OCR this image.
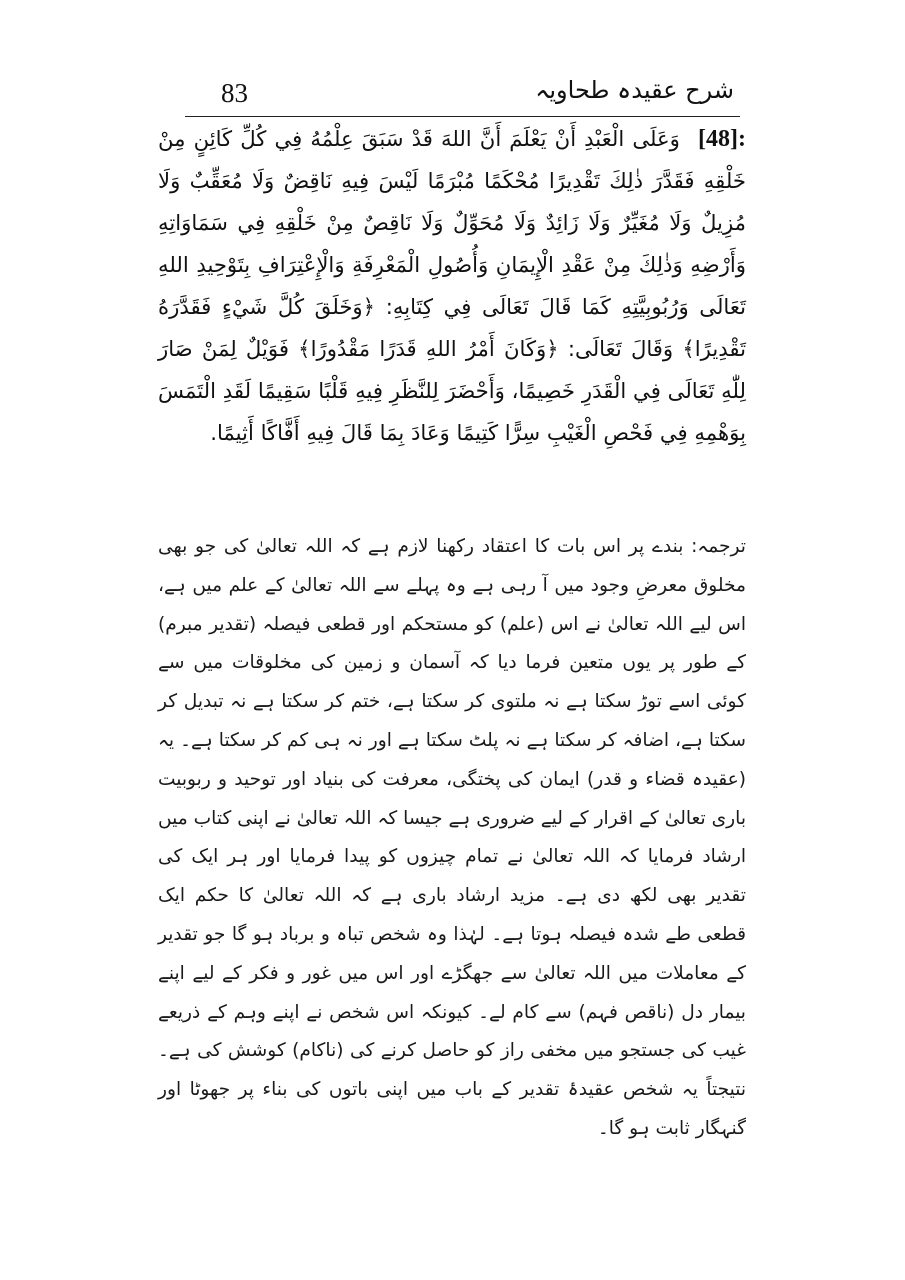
83	شرح عقیدہ طحاویہ
[48]: وَعَلَى الْعَبْدِ أَنْ يَعْلَمَ أَنَّ اللهَ قَدْ سَبَقَ عِلْمُهُ فِي كُلِّ كَائِنٍ مِنْ خَلْقِهِ فَقَدَّرَ ذٰلِكَ تَقْدِيرًا مُحْكَمًا مُبْرَمًا لَيْسَ فِيهِ نَاقِضٌ وَلَا مُعَقِّبٌ وَلَا مُزِيلٌ وَلَا مُغَيِّرٌ وَلَا زَائِدٌ وَلَا مُحَوِّلٌ وَلَا نَاقِصٌ مِنْ خَلْقِهِ فِي سَمَاوَاتِهِ وَأَرْضِهِ وَذٰلِكَ مِنْ عَقْدِ الْإِيمَانِ وَأُصُولِ الْمَعْرِفَةِ وَالْإِعْتِرَافِ بِتَوْحِيدِ اللهِ تَعَالَى وَرُبُوبِيَّتِهِ كَمَا قَالَ تَعَالَى فِي كِتَابِهِ: ﴿وَخَلَقَ كُلَّ شَيْءٍ فَقَدَّرَهُ تَقْدِيرًا﴾ وَقَالَ تَعَالَى: ﴿وَكَانَ أَمْرُ اللهِ قَدَرًا مَقْدُورًا﴾ فَوَيْلٌ لِمَنْ صَارَ لِلّٰهِ تَعَالَى فِي الْقَدَرِ خَصِيمًا، وَأَحْضَرَ لِلنَّظَرِ فِيهِ قَلْبًا سَقِيمًا لَقَدِ الْتَمَسَ بِوَهْمِهِ فِي فَحْصِ الْغَيْبِ سِرًّا كَتِيمًا وَعَادَ بِمَا قَالَ فِيهِ أَفَّاكًا أَثِيمًا.
ترجمہ: بندے پر اس بات کا اعتقاد رکھنا لازم ہے کہ اللہ تعالیٰ کی جو بھی مخلوق معرضِ وجود میں آ رہی ہے وہ پہلے سے اللہ تعالیٰ کے علم میں ہے، اس لیے اللہ تعالیٰ نے اس (علم) کو مستحکم اور قطعی فیصلہ (تقدیر مبرم) کے طور پر یوں متعین فرما دیا کہ آسمان و زمین کی مخلوقات میں سے کوئی اسے توڑ سکتا ہے نہ ملتوی کر سکتا ہے، ختم کر سکتا ہے نہ تبدیل کر سکتا ہے، اضافہ کر سکتا ہے نہ پلٹ سکتا ہے اور نہ ہی کم کر سکتا ہے۔ یہ (عقیدہ قضاء و قدر) ایمان کی پختگی، معرفت کی بنیاد اور توحید و ربوبیت باری تعالیٰ کے اقرار کے لیے ضروری ہے جیسا کہ اللہ تعالیٰ نے اپنی کتاب میں ارشاد فرمایا کہ اللہ تعالیٰ نے تمام چیزوں کو پیدا فرمایا اور ہر ایک کی تقدیر بھی لکھ دی ہے۔ مزید ارشاد باری ہے کہ اللہ تعالیٰ کا حکم ایک قطعی طے شدہ فیصلہ ہوتا ہے۔ لہٰذا وہ شخص تباہ و برباد ہو گا جو تقدیر کے معاملات میں اللہ تعالیٰ سے جھگڑے اور اس میں غور و فکر کے لیے اپنے بیمار دل (ناقص فہم) سے کام لے۔ کیونکہ اس شخص نے اپنے وہم کے ذریعے غیب کی جستجو میں مخفی راز کو حاصل کرنے کی (ناکام) کوشش کی ہے۔ نتیجتاً یہ شخص عقیدۂ تقدیر کے باب میں اپنی باتوں کی بناء پر جھوٹا اور گنہگار ثابت ہو گا۔
